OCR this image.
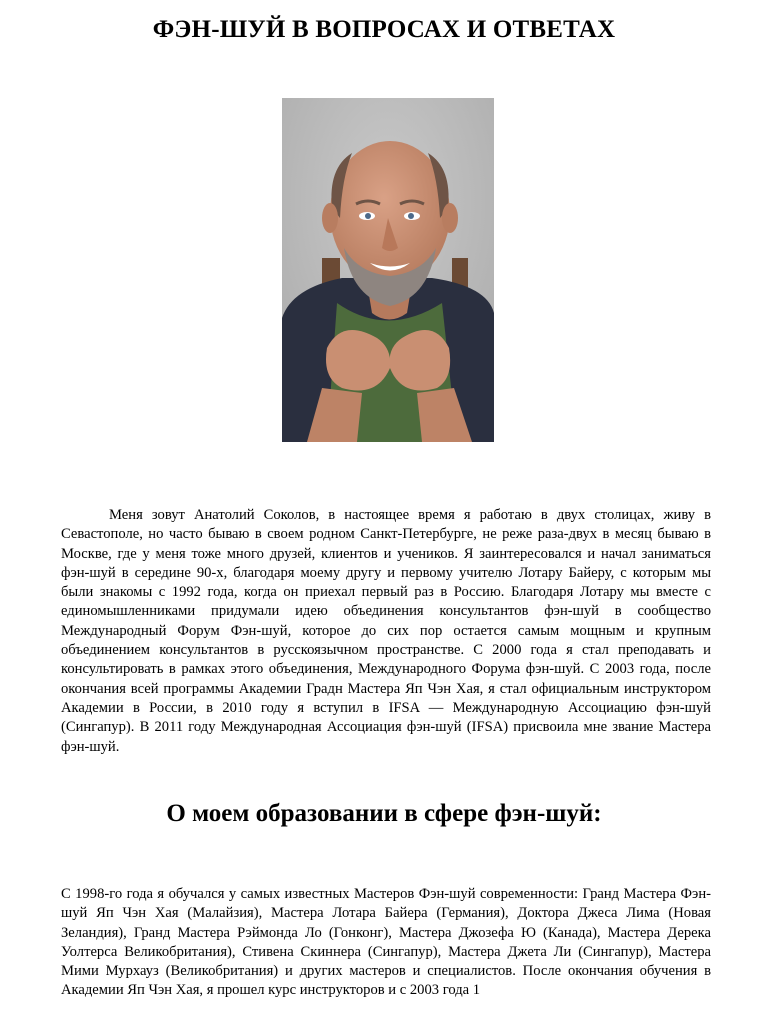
ФЭН-ШУЙ В ВОПРОСАХ И ОТВЕТАХ

Меня зовут Анатолий Соколов, в настоящее время я работаю в двух столицах, живу в Севастополе, но часто бываю в своем родном Санкт-Петербурге, не реже раза-двух в месяц бываю в Москве, где у меня тоже много друзей, клиентов и учеников. Я заинтересовался и начал заниматься фэн-шуй в середине 90-х, благодаря моему другу и первому учителю Лотару Байеру, с которым мы были знакомы с 1992 года, когда он приехал первый раз в Россию. Благодаря Лотару мы вместе с единомышленниками придумали идею объединения консультантов фэн-шуй в сообщество Международный Форум Фэн-шуй, которое до сих пор остается самым мощным и крупным объединением консультантов в русскоязычном пространстве. С 2000 года я стал преподавать и консультировать в рамках этого объединения, Международного Форума фэн-шуй. С 2003 года, после окончания всей программы Академии Градн Мастера Яп Чэн Хая, я стал официальным инструктором Академии в России, в 2010 году я вступил в IFSA — Международную Ассоциацию фэн-шуй (Сингапур). В 2011 году Международная Ассоциация фэн-шуй (IFSA) присвоила мне звание Мастера фэн-шуй.

О моем образовании в сфере фэн-шуй:

С 1998-го года я обучался у самых известных Мастеров Фэн-шуй современности: Гранд Мастера Фэн-шуй Яп Чэн Хая (Малайзия), Мастера Лотара Байера (Германия), Доктора Джеса Лима (Новая Зеландия), Гранд Мастера Рэймонда Ло (Гонконг), Мастера Джозефа Ю (Канада), Мастера Дерека Уолтерса Великобритания), Стивена Скиннера (Сингапур), Мастера Джета Ли (Сингапур), Мастера Мими Мурхауз (Великобритания) и других мастеров и специалистов. После окончания обучения в Академии Яп Чэн Хая, я прошел курс инструкторов и с 2003 года 1
